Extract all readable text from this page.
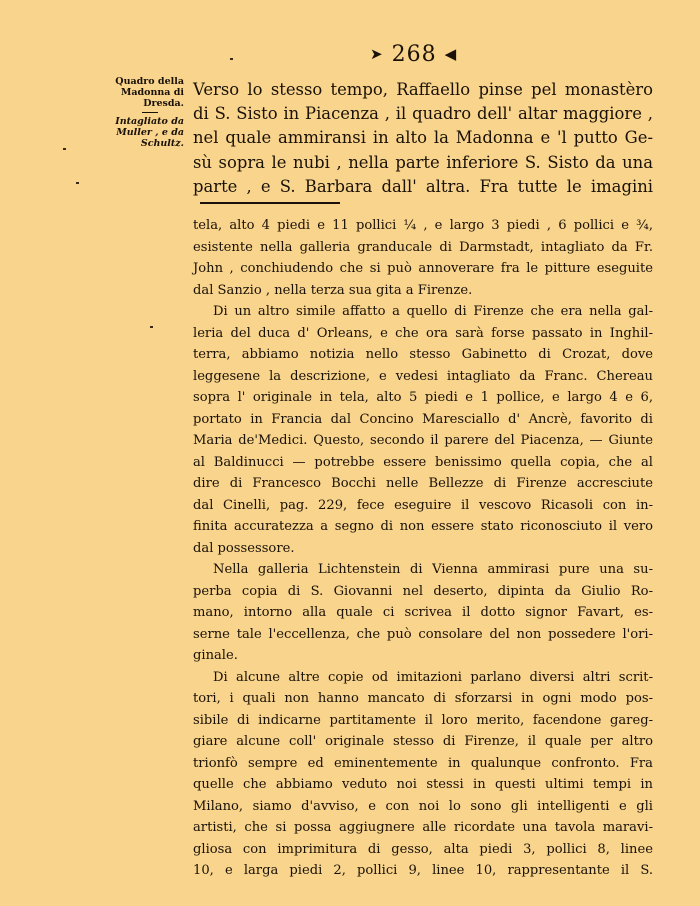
➤ 268 ◀
Quadro della
Madonna di
Dresda.
Intagliato da
Muller , e da
Schultz.
Verso lo stesso tempo, Raffaello pinse pel monastèro
di S. Sisto in Piacenza , il quadro dell' altar maggiore ,
nel quale ammiransi in alto la Madonna e 'l putto Ge-
sù sopra le nubi , nella parte inferiore S. Sisto da una
parte , e S. Barbara dall' altra. Fra tutte le imagini
tela, alto 4 piedi e 11 pollici ¼ , e largo 3 piedi , 6 pollici e ¾,
esistente nella galleria granducale di Darmstadt, intagliato da Fr.
John , conchiudendo che si può annoverare fra le pitture eseguite
dal Sanzio , nella terza sua gita a Firenze.
Di un altro simile affatto a quello di Firenze che era nella gal-
leria del duca d' Orleans, e che ora sarà forse passato in Inghil-
terra, abbiamo notizia nello stesso Gabinetto di Crozat, dove
leggesene la descrizione, e vedesi intagliato da Franc. Chereau
sopra l' originale in tela, alto 5 piedi e 1 pollice, e largo 4 e 6,
portato in Francia dal Concino Maresciallo d' Ancrè, favorito di
Maria de'Medici. Questo, secondo il parere del Piacenza, — Giunte
al Baldinucci — potrebbe essere benissimo quella copia, che al
dire di Francesco Bocchi nelle Bellezze di Firenze accresciute
dal Cinelli, pag. 229, fece eseguire il vescovo Ricasoli con in-
finita accuratezza a segno di non essere stato riconosciuto il vero
dal possessore.
Nella galleria Lichtenstein di Vienna ammirasi pure una su-
perba copia di S. Giovanni nel deserto, dipinta da Giulio Ro-
mano, intorno alla quale ci scrivea il dotto signor Favart, es-
serne tale l'eccellenza, che può consolare del non possedere l'ori-
ginale.
Di alcune altre copie od imitazioni parlano diversi altri scrit-
tori, i quali non hanno mancato di sforzarsi in ogni modo pos-
sibile di indicarne partitamente il loro merito, facendone gareg-
giare alcune coll' originale stesso di Firenze, il quale per altro
trionfò sempre ed eminentemente in qualunque confronto. Fra
quelle che abbiamo veduto noi stessi in questi ultimi tempi in
Milano, siamo d'avviso, e con noi lo sono gli intelligenti e gli
artisti, che si possa aggiugnere alle ricordate una tavola maravi-
gliosa con imprimitura di gesso, alta piedi 3, pollici 8, linee
10, e larga piedi 2, pollici 9, linee 10, rappresentante il S.
